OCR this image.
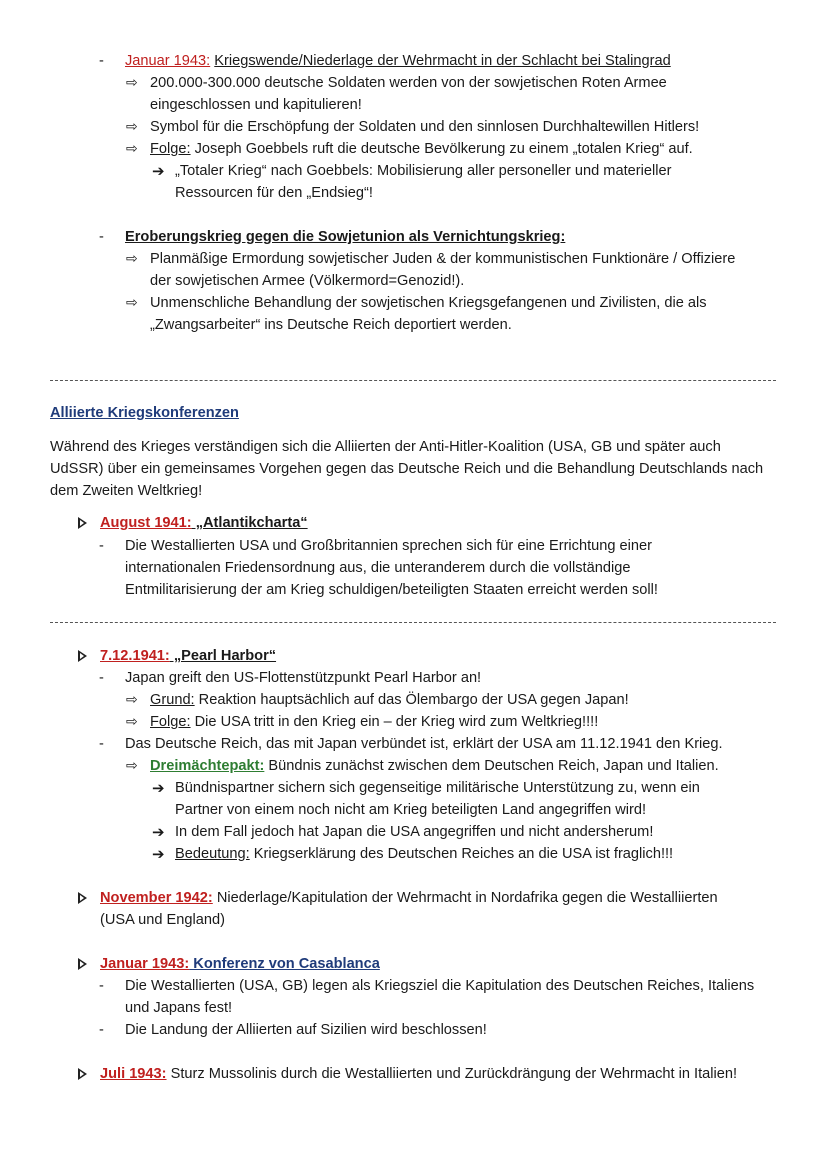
- Januar 1943: Kriegswende/Niederlage der Wehrmacht in der Schlacht bei Stalingrad
⇨ 200.000-300.000 deutsche Soldaten werden von der sowjetischen Roten Armee
eingeschlossen und kapitulieren!
⇨ Symbol für die Erschöpfung der Soldaten und den sinnlosen Durchhaltewillen Hitlers!
⇨ Folge: Joseph Goebbels ruft die deutsche Bevölkerung zu einem „totalen Krieg“ auf.
➔ „Totaler Krieg“ nach Goebbels: Mobilisierung aller personeller und materieller
Ressourcen für den „Endsieg“!
- Eroberungskrieg gegen die Sowjetunion als Vernichtungskrieg:
⇨ Planmäßige Ermordung sowjetischer Juden & der kommunistischen Funktionäre / Offiziere
der sowjetischen Armee (Völkermord=Genozid!).
⇨ Unmenschliche Behandlung der sowjetischen Kriegsgefangenen und Zivilisten, die als
„Zwangsarbeiter“ ins Deutsche Reich deportiert werden.
Alliierte Kriegskonferenzen
Während des Krieges verständigen sich die Alliierten der Anti-Hitler-Koalition (USA, GB und später auch
UdSSR) über ein gemeinsames Vorgehen gegen das Deutsche Reich und die Behandlung Deutschlands nach
dem Zweiten Weltkrieg!
August 1941: „Atlantikcharta“
- Die Westallierten USA und Großbritannien sprechen sich für eine Errichtung einer
internationalen Friedensordnung aus, die unteranderem durch die vollständige
Entmilitarisierung der am Krieg schuldigen/beteiligten Staaten erreicht werden soll!
7.12.1941: „Pearl Harbor“
- Japan greift den US-Flottenstützpunkt Pearl Harbor an!
⇨ Grund: Reaktion hauptsächlich auf das Ölembargo der USA gegen Japan!
⇨ Folge: Die USA tritt in den Krieg ein – der Krieg wird zum Weltkrieg!!!!
- Das Deutsche Reich, das mit Japan verbündet ist, erklärt der USA am 11.12.1941 den Krieg.
⇨ Dreimächtepakt: Bündnis zunächst zwischen dem Deutschen Reich, Japan und Italien.
➔ Bündnispartner sichern sich gegenseitige militärische Unterstützung zu, wenn ein
Partner von einem noch nicht am Krieg beteiligten Land angegriffen wird!
➔ In dem Fall jedoch hat Japan die USA angegriffen und nicht andersherum!
➔ Bedeutung: Kriegserklärung des Deutschen Reiches an die USA ist fraglich!!!
November 1942: Niederlage/Kapitulation der Wehrmacht in Nordafrika gegen die Westalliierten
(USA und England)
Januar 1943: Konferenz von Casablanca
- Die Westallierten (USA, GB) legen als Kriegsziel die Kapitulation des Deutschen Reiches, Italiens
und Japans fest!
- Die Landung der Alliierten auf Sizilien wird beschlossen!
Juli 1943: Sturz Mussolinis durch die Westalliierten und Zurückdrängung der Wehrmacht in Italien!
